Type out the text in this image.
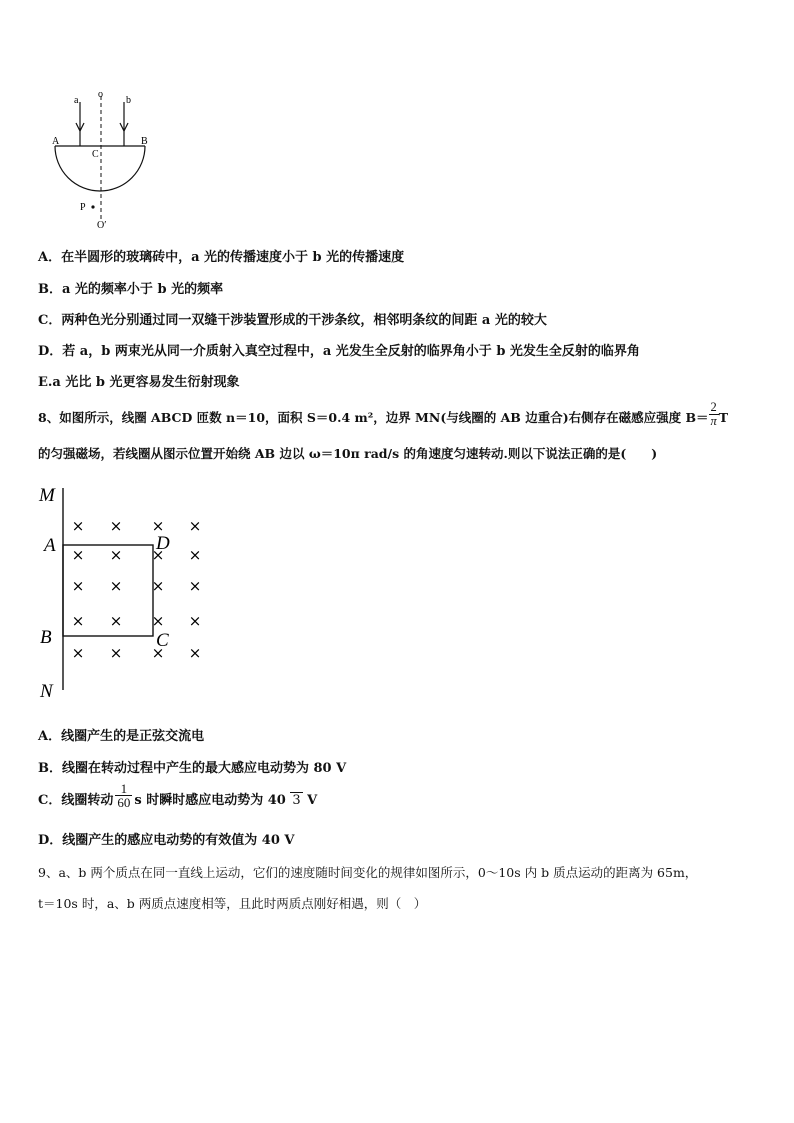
a	b
o
A	B
C
P
O′
A．在半圆形的玻璃砖中，a 光的传播速度小于 b 光的传播速度
B．a 光的频率小于 b 光的频率
C．两种色光分别通过同一双缝干涉装置形成的干涉条纹，相邻明条纹的间距 a 光的较大
D．若 a，b 两束光从同一介质射入真空过程中，a 光发生全反射的临界角小于 b 光发生全反射的临界角
E.a 光比 b 光更容易发生衍射现象
8、如图所示，线圈 ABCD 匝数 n＝10，面积 S＝0.4 m²，边界 MN(与线圈的 AB 边重合)右侧存在磁感应强度 $B= \frac{2}{\pi}$ T
的匀强磁场，若线圈从图示位置开始绕 AB 边以 ω＝10π rad/s 的角速度匀速转动.则以下说法正确的是(　　)
× × × ×
× × × ×
× × × ×
× × × ×
× × × ×
M
A	D
B	C
N
A．线圈产生的是正弦交流电
B．线圈在转动过程中产生的最大感应电动势为 80 V
C．线圈转动 $\frac{1}{60}$ s 时瞬时感应电动势为 40 3 V
D．线圈产生的感应电动势的有效值为 40 V
9、a、b 两个质点在同一直线上运动，它们的速度随时间变化的规律如图所示，0～10s 内 b 质点运动的距离为 65m，
t＝10s 时，a、b 两质点速度相等，且此时两质点刚好相遇，则（　）
